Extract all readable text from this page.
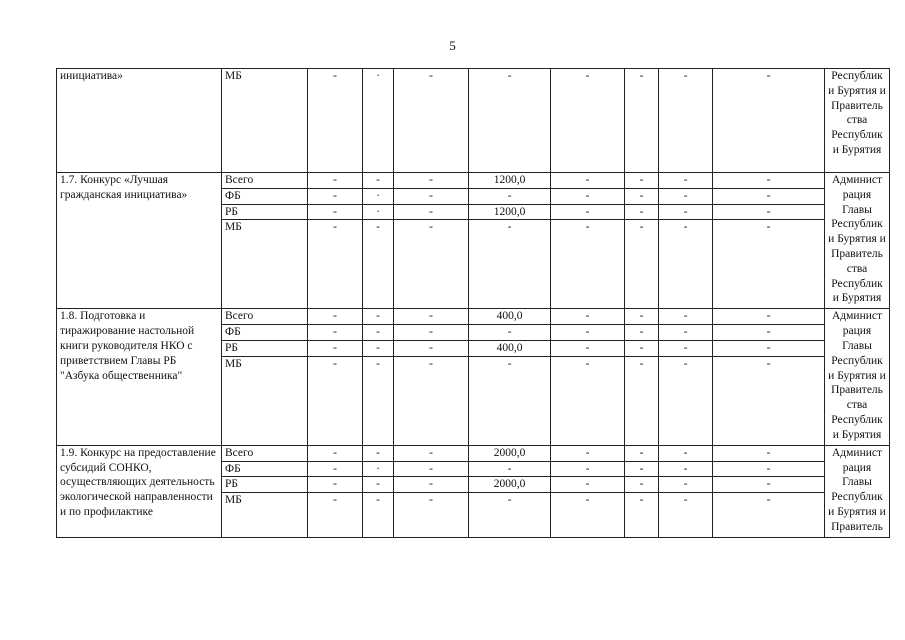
5
инициатива»	МБ	-	·	-	-	-	-	-	-	Республик и Бурятия и Правитель ства Республик и Бурятия
1.7. Конкурс «Лучшая гражданская инициатива»	Всего	-	-	-	1200,0	-	-	-	-	Админист рация Главы Республик и Бурятия и Правитель ства Республик и Бурятия
	ФБ	-	·	-	-	-	-	-	-	
	РБ	-	·	-	1200,0	-	-	-	-	
	МБ	-	-	-	-	-	-	-	-	
1.8. Подготовка и тиражирование настольной книги руководителя НКО с приветствием Главы РБ "Азбука общественника"	Всего	-	-	-	400,0	-	-	-	-	Админист рация Главы Республик и Бурятия и Правитель ства Республик и Бурятия
	ФБ	-	-	-	-	-	-	-	-	
	РБ	-	-	-	400,0	-	-	-	-	
	МБ	-	-	-	-	-	-	-	-	
1.9. Конкурс на предоставление субсидий СОНКО, осуществляющих деятельность экологической направленности и по профилактике	Всего	-	-	-	2000,0	-	-	-	-	Админист рация Главы Республик и Бурятия и Правитель
	ФБ	-	·	-	-	-	-	-	-	
	РБ	-	-	-	2000,0	-	-	-	-	
	МБ	-	-	-	-	-	-	-	-	
